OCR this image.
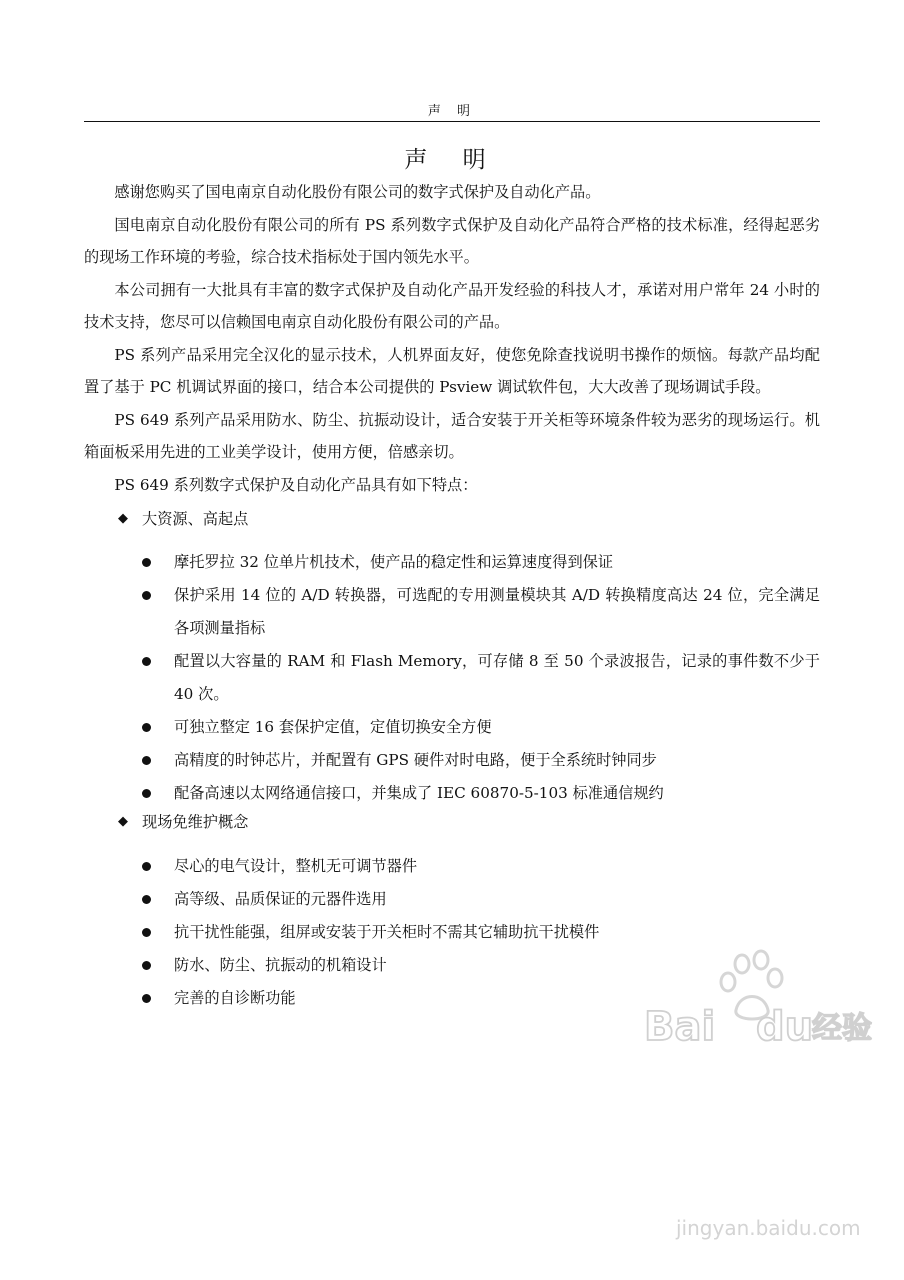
声 明
声 明

感谢您购买了国电南京自动化股份有限公司的数字式保护及自动化产品。

国电南京自动化股份有限公司的所有 PS 系列数字式保护及自动化产品符合严格的技术标准，经得起恶劣的现场工作环境的考验，综合技术指标处于国内领先水平。

本公司拥有一大批具有丰富的数字式保护及自动化产品开发经验的科技人才，承诺对用户常年 24 小时的技术支持，您尽可以信赖国电南京自动化股份有限公司的产品。

PS 系列产品采用完全汉化的显示技术，人机界面友好，使您免除查找说明书操作的烦恼。每款产品均配置了基于 PC 机调试界面的接口，结合本公司提供的 Psview 调试软件包，大大改善了现场调试手段。

PS 649 系列产品采用防水、防尘、抗振动设计，适合安装于开关柜等环境条件较为恶劣的现场运行。机箱面板采用先进的工业美学设计，使用方便，倍感亲切。

PS 649 系列数字式保护及自动化产品具有如下特点：

◆ 大资源、高起点

摩托罗拉 32 位单片机技术，使产品的稳定性和运算速度得到保证
保护采用 14 位的 A/D 转换器，可选配的专用测量模块其 A/D 转换精度高达 24 位，完全满足各项测量指标
配置以大容量的 RAM 和 Flash Memory，可存储 8 至 50 个录波报告，记录的事件数不少于 40 次。
可独立整定 16 套保护定值，定值切换安全方便
高精度的时钟芯片，并配置有 GPS 硬件对时电路，便于全系统时钟同步
配备高速以太网络通信接口，并集成了 IEC 60870-5-103 标准通信规约

◆ 现场免维护概念

尽心的电气设计，整机无可调节器件
高等级、品质保证的元器件选用
抗干扰性能强，组屏或安装于开关柜时不需其它辅助抗干扰模件
防水、防尘、抗振动的机箱设计
完善的自诊断功能
Bai du
经验
jingyan.baidu.com
